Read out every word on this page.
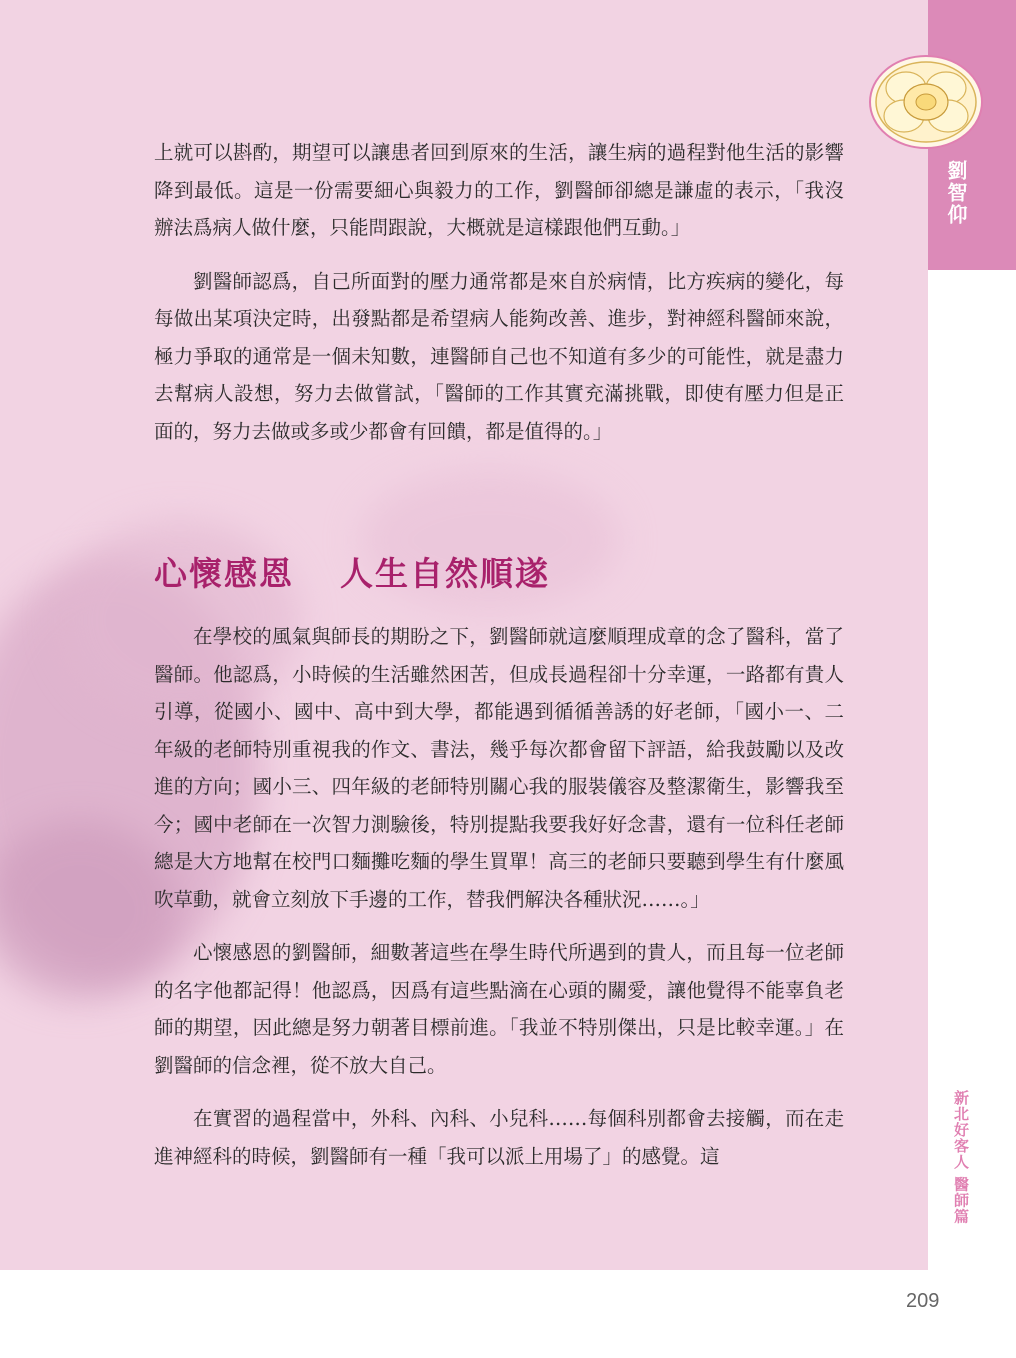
劉智仰

上就可以斟酌，期望可以讓患者回到原來的生活，讓生病的過程對他生活的影響降到最低。這是一份需要細心與毅力的工作，劉醫師卻總是謙虛的表示，「我沒辦法爲病人做什麼，只能問跟說，大概就是這樣跟他們互動。」

劉醫師認爲，自己所面對的壓力通常都是來自於病情，比方疾病的變化，每每做出某項決定時，出發點都是希望病人能夠改善、進步，對神經科醫師來說，極力爭取的通常是一個未知數，連醫師自己也不知道有多少的可能性，就是盡力去幫病人設想，努力去做嘗試，「醫師的工作其實充滿挑戰，即使有壓力但是正面的，努力去做或多或少都會有回饋，都是值得的。」

心懷感恩 人生自然順遂

在學校的風氣與師長的期盼之下，劉醫師就這麼順理成章的念了醫科，當了醫師。他認爲，小時候的生活雖然困苦，但成長過程卻十分幸運，一路都有貴人引導，從國小、國中、高中到大學，都能遇到循循善誘的好老師，「國小一、二年級的老師特別重視我的作文、書法，幾乎每次都會留下評語，給我鼓勵以及改進的方向；國小三、四年級的老師特別關心我的服裝儀容及整潔衛生，影響我至今；國中老師在一次智力測驗後，特別提點我要我好好念書，還有一位科任老師總是大方地幫在校門口麵攤吃麵的學生買單！高三的老師只要聽到學生有什麼風吹草動，就會立刻放下手邊的工作，替我們解決各種狀況……。」

心懷感恩的劉醫師，細數著這些在學生時代所遇到的貴人，而且每一位老師的名字他都記得！他認爲，因爲有這些點滴在心頭的關愛，讓他覺得不能辜負老師的期望，因此總是努力朝著目標前進。「我並不特別傑出，只是比較幸運。」在劉醫師的信念裡，從不放大自己。

在實習的過程當中，外科、內科、小兒科……每個科別都會去接觸，而在走進神經科的時候，劉醫師有一種「我可以派上用場了」的感覺。這	新北好客人 醫師篇
209
